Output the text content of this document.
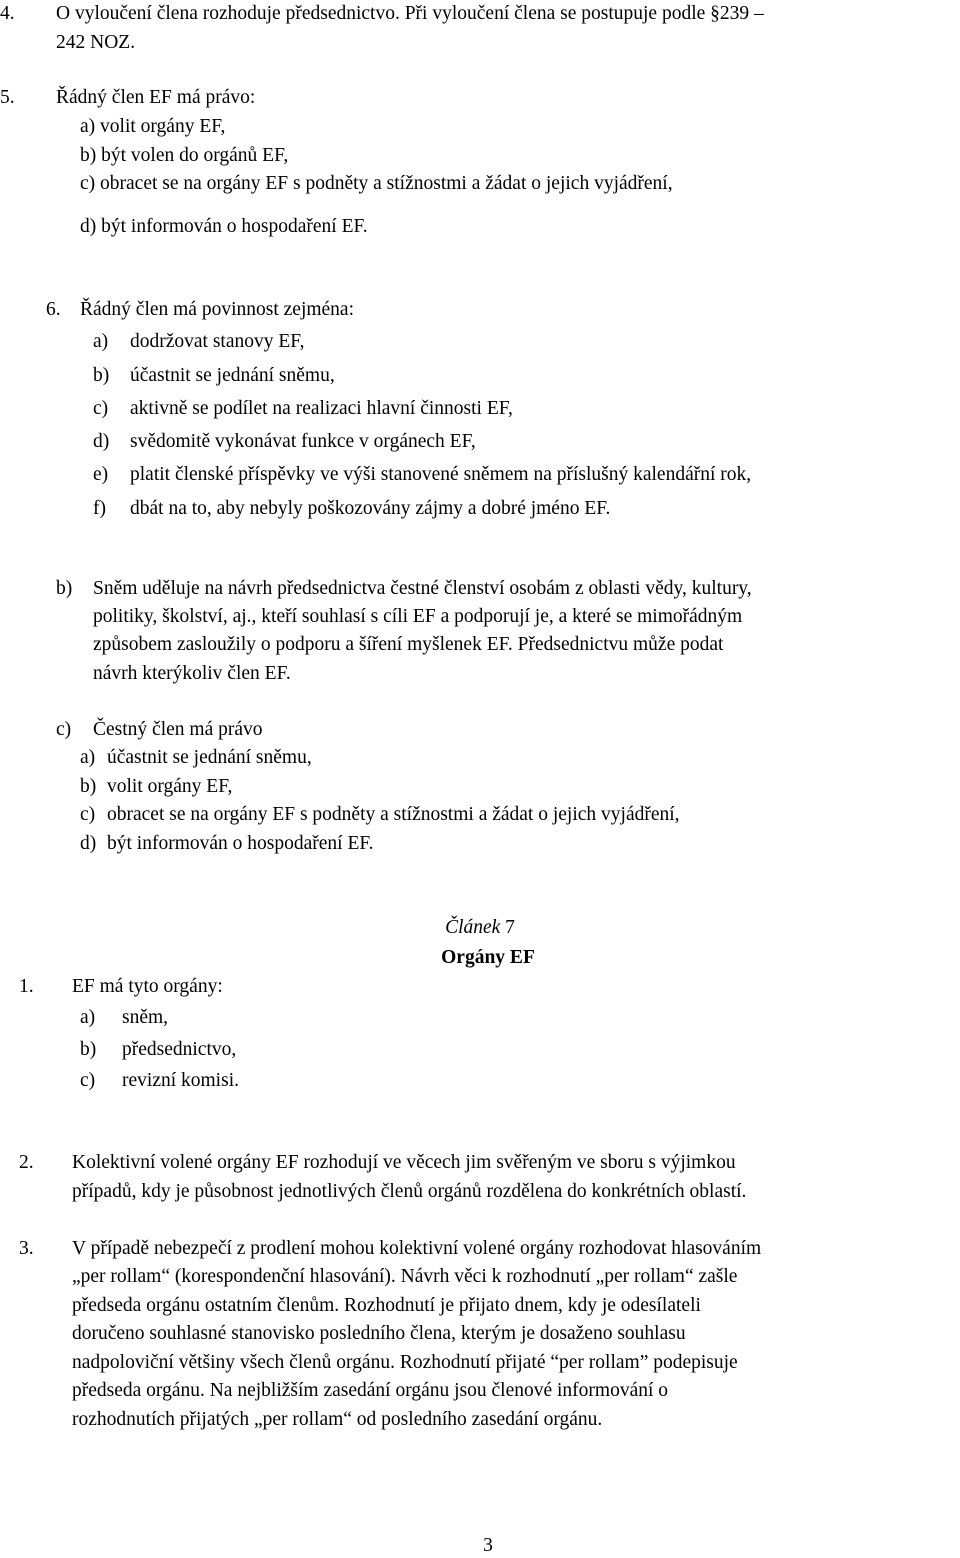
4. O vyloučení člena rozhoduje předsednictvo. Při vyloučení člena se postupuje podle §239 –
242 NOZ.
5. Řádný člen EF má právo:
a) volit orgány EF,
b) být volen do orgánů EF,
c) obracet se na orgány EF s podněty a stížnostmi a žádat o jejich vyjádření,
d) být informován o hospodaření EF.
6. Řádný člen má povinnost zejména:
a) dodržovat stanovy EF,
b) účastnit se jednání sněmu,
c) aktivně se podílet na realizaci hlavní činnosti EF,
d) svědomitě vykonávat funkce v orgánech EF,
e) platit členské příspěvky ve výši stanovené sněmem na příslušný kalendářní rok,
f) dbát na to, aby nebyly poškozovány zájmy a dobré jméno EF.
b) Sněm uděluje na návrh předsednictva čestné členství osobám z oblasti vědy, kultury,
politiky, školství, aj., kteří souhlasí s cíli EF a podporují je, a které se mimořádným
způsobem zasloužily o podporu a šíření myšlenek EF. Předsednictvu může podat
návrh kterýkoliv člen EF.
c) Čestný člen má právo
a) účastnit se jednání sněmu,
b) volit orgány EF,
c) obracet se na orgány EF s podněty a stížnostmi a žádat o jejich vyjádření,
d) být informován o hospodaření EF.
Článek 7
Orgány EF
1. EF má tyto orgány:
a) sněm,
b) předsednictvo,
c) revizní komisi.
2. Kolektivní volené orgány EF rozhodují ve věcech jim svěřeným ve sboru s výjimkou
případů, kdy je působnost jednotlivých členů orgánů rozdělena do konkrétních oblastí.
3. V případě nebezpečí z prodlení mohou kolektivní volené orgány rozhodovat hlasováním
„per rollam“ (korespondenční hlasování). Návrh věci k rozhodnutí „per rollam“ zašle
předseda orgánu ostatním členům. Rozhodnutí je přijato dnem, kdy je odesílateli
doručeno souhlasné stanovisko posledního člena, kterým je dosaženo souhlasu
nadpoloviční většiny všech členů orgánu. Rozhodnutí přijaté “per rollam” podepisuje
předseda orgánu. Na nejbližším zasedání orgánu jsou členové informování o
rozhodnutích přijatých „per rollam“ od posledního zasedání orgánu.
3
